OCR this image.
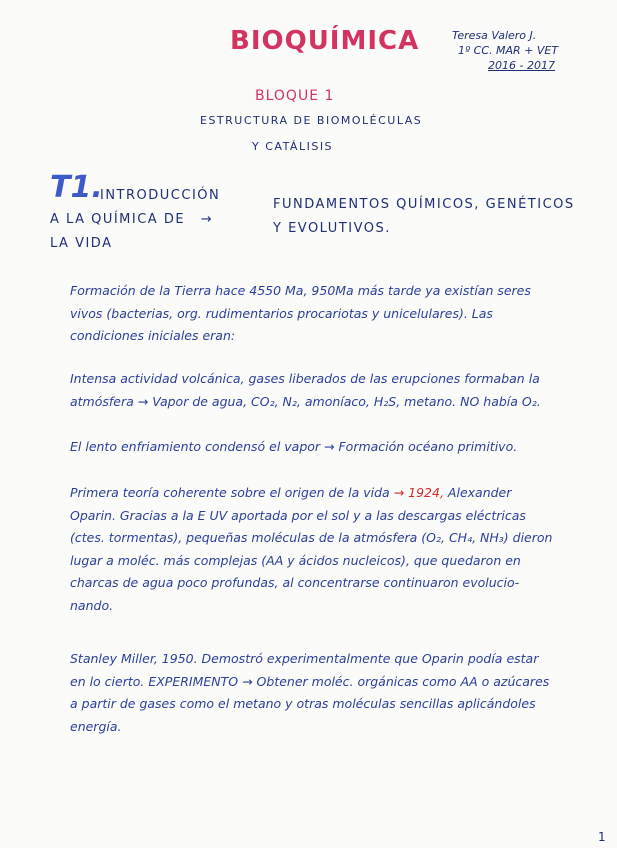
BIOQUÍMICA	Teresa Valero J.
1º CC. MAR + VET
2016 - 2017
BLOQUE 1
ESTRUCTURA DE BIOMOLÉCULAS
Y CATÁLISIS
T1.
INTRODUCCIÓN
A LA QUÍMICA DE →
LA VIDA
FUNDAMENTOS QUÍMICOS, GENÉTICOS
Y EVOLUTIVOS.
Formación de la Tierra hace 4550 Ma, 950Ma más tarde ya existían seres vivos (bacterias, org. rudimentarios procariotas y unicelulares). Las condiciones iniciales eran:
Intensa actividad volcánica, gases liberados de las erupciones formaban la atmósfera → Vapor de agua, CO₂, N₂, amoníaco, H₂S, metano. NO había O₂.
El lento enfriamiento condensó el vapor → Formación océano primitivo.
Primera teoría coherente sobre el origen de la vida → 1924, Alexander Oparin. Gracias a la E UV aportada por el sol y a las descargas eléctricas (ctes. tormentas), pequeñas moléculas de la atmósfera (O₂, CH₄, NH₃) dieron lugar a moléc. más complejas (AA y ácidos nucleicos), que quedaron en charcas de agua poco profundas, al concentrarse continuaron evolucio-nando.
Stanley Miller, 1950. Demostró experimentalmente que Oparin podía estar en lo cierto. EXPERIMENTO → Obtener moléc. orgánicas como AA o azúcares a partir de gases como el metano y otras moléculas sencillas aplicándoles energía.
1
